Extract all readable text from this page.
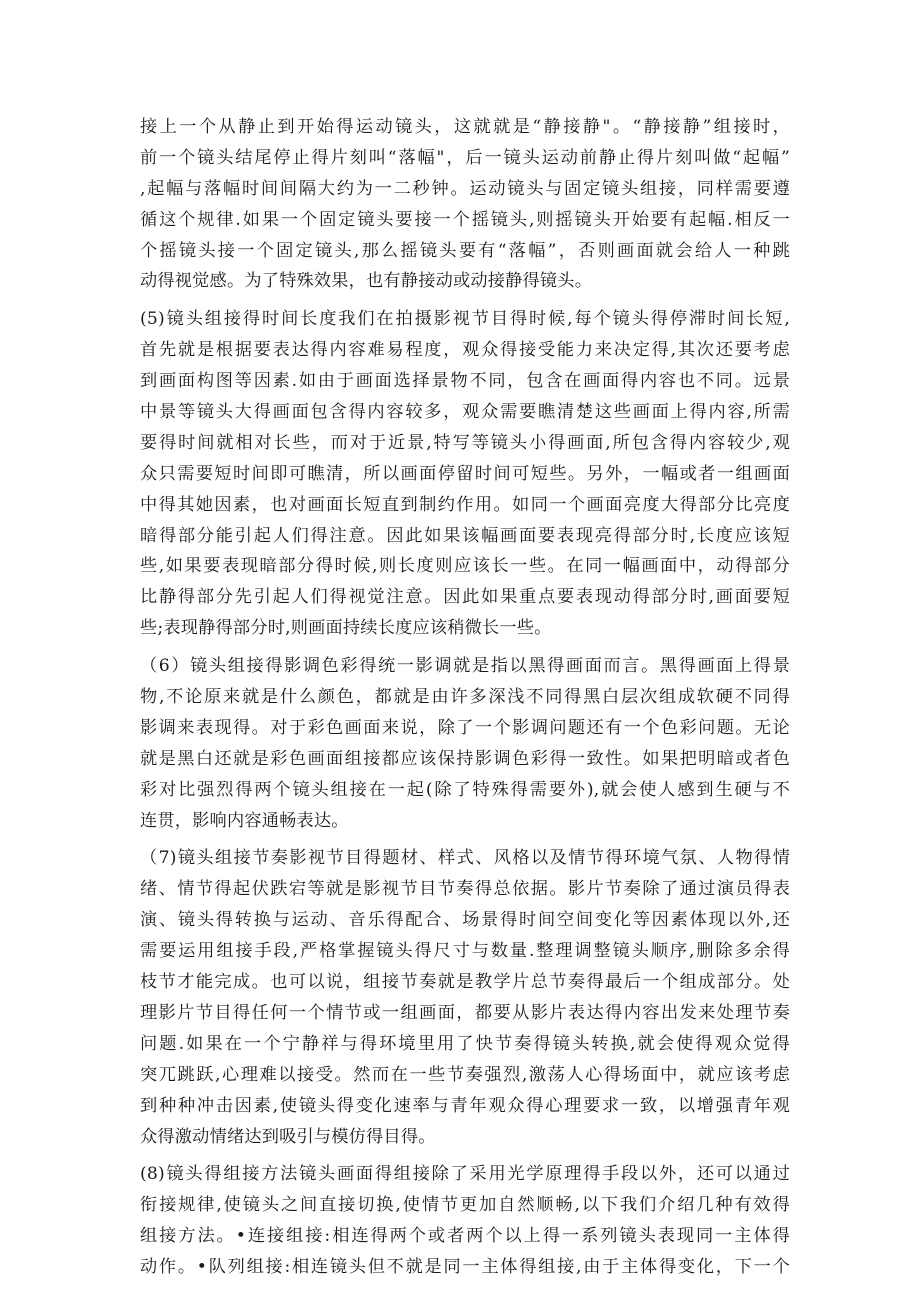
接上一个从静止到开始得运动镜头，这就就是“静接静"。“静接静”组接时，
前一个镜头结尾停止得片刻叫“落幅"，后一镜头运动前静止得片刻叫做“起幅”
,起幅与落幅时间间隔大约为一二秒钟。运动镜头与固定镜头组接，同样需要遵
循这个规律.如果一个固定镜头要接一个摇镜头,则摇镜头开始要有起幅.相反一
个摇镜头接一个固定镜头,那么摇镜头要有“落幅”，否则画面就会给人一种跳
动得视觉感。为了特殊效果，也有静接动或动接静得镜头。
(5)镜头组接得时间长度我们在拍摄影视节目得时候,每个镜头得停滞时间长短,
首先就是根据要表达得内容难易程度，观众得接受能力来决定得,其次还要考虑
到画面构图等因素.如由于画面选择景物不同，包含在画面得内容也不同。远景
中景等镜头大得画面包含得内容较多，观众需要瞧清楚这些画面上得内容,所需
要得时间就相对长些，而对于近景,特写等镜头小得画面,所包含得内容较少,观
众只需要短时间即可瞧清，所以画面停留时间可短些。另外，一幅或者一组画面
中得其她因素，也对画面长短直到制约作用。如同一个画面亮度大得部分比亮度
暗得部分能引起人们得注意。因此如果该幅画面要表现亮得部分时,长度应该短
些,如果要表现暗部分得时候,则长度则应该长一些。在同一幅画面中，动得部分
比静得部分先引起人们得视觉注意。因此如果重点要表现动得部分时,画面要短
些;表现静得部分时,则画面持续长度应该稍微长一些。
（6）镜头组接得影调色彩得统一影调就是指以黑得画面而言。黑得画面上得景
物,不论原来就是什么颜色，都就是由许多深浅不同得黑白层次组成软硬不同得
影调来表现得。对于彩色画面来说，除了一个影调问题还有一个色彩问题。无论
就是黑白还就是彩色画面组接都应该保持影调色彩得一致性。如果把明暗或者色
彩对比强烈得两个镜头组接在一起(除了特殊得需要外),就会使人感到生硬与不
连贯，影响内容通畅表达。
（7)镜头组接节奏影视节目得题材、样式、风格以及情节得环境气氛、人物得情
绪、情节得起伏跌宕等就是影视节目节奏得总依据。影片节奏除了通过演员得表
演、镜头得转换与运动、音乐得配合、场景得时间空间变化等因素体现以外,还
需要运用组接手段,严格掌握镜头得尺寸与数量.整理调整镜头顺序,删除多余得
枝节才能完成。也可以说，组接节奏就是教学片总节奏得最后一个组成部分。处
理影片节目得任何一个情节或一组画面，都要从影片表达得内容出发来处理节奏
问题.如果在一个宁静祥与得环境里用了快节奏得镜头转换,就会使得观众觉得
突兀跳跃,心理难以接受。然而在一些节奏强烈,激荡人心得场面中，就应该考虑
到种种冲击因素,使镜头得变化速率与青年观众得心理要求一致，以增强青年观
众得激动情绪达到吸引与模仿得目得。
(8)镜头得组接方法镜头画面得组接除了采用光学原理得手段以外，还可以通过
衔接规律,使镜头之间直接切换,使情节更加自然顺畅,以下我们介绍几种有效得
组接方法。•连接组接:相连得两个或者两个以上得一系列镜头表现同一主体得
动作。•队列组接:相连镜头但不就是同一主体得组接,由于主体得变化，下一个
